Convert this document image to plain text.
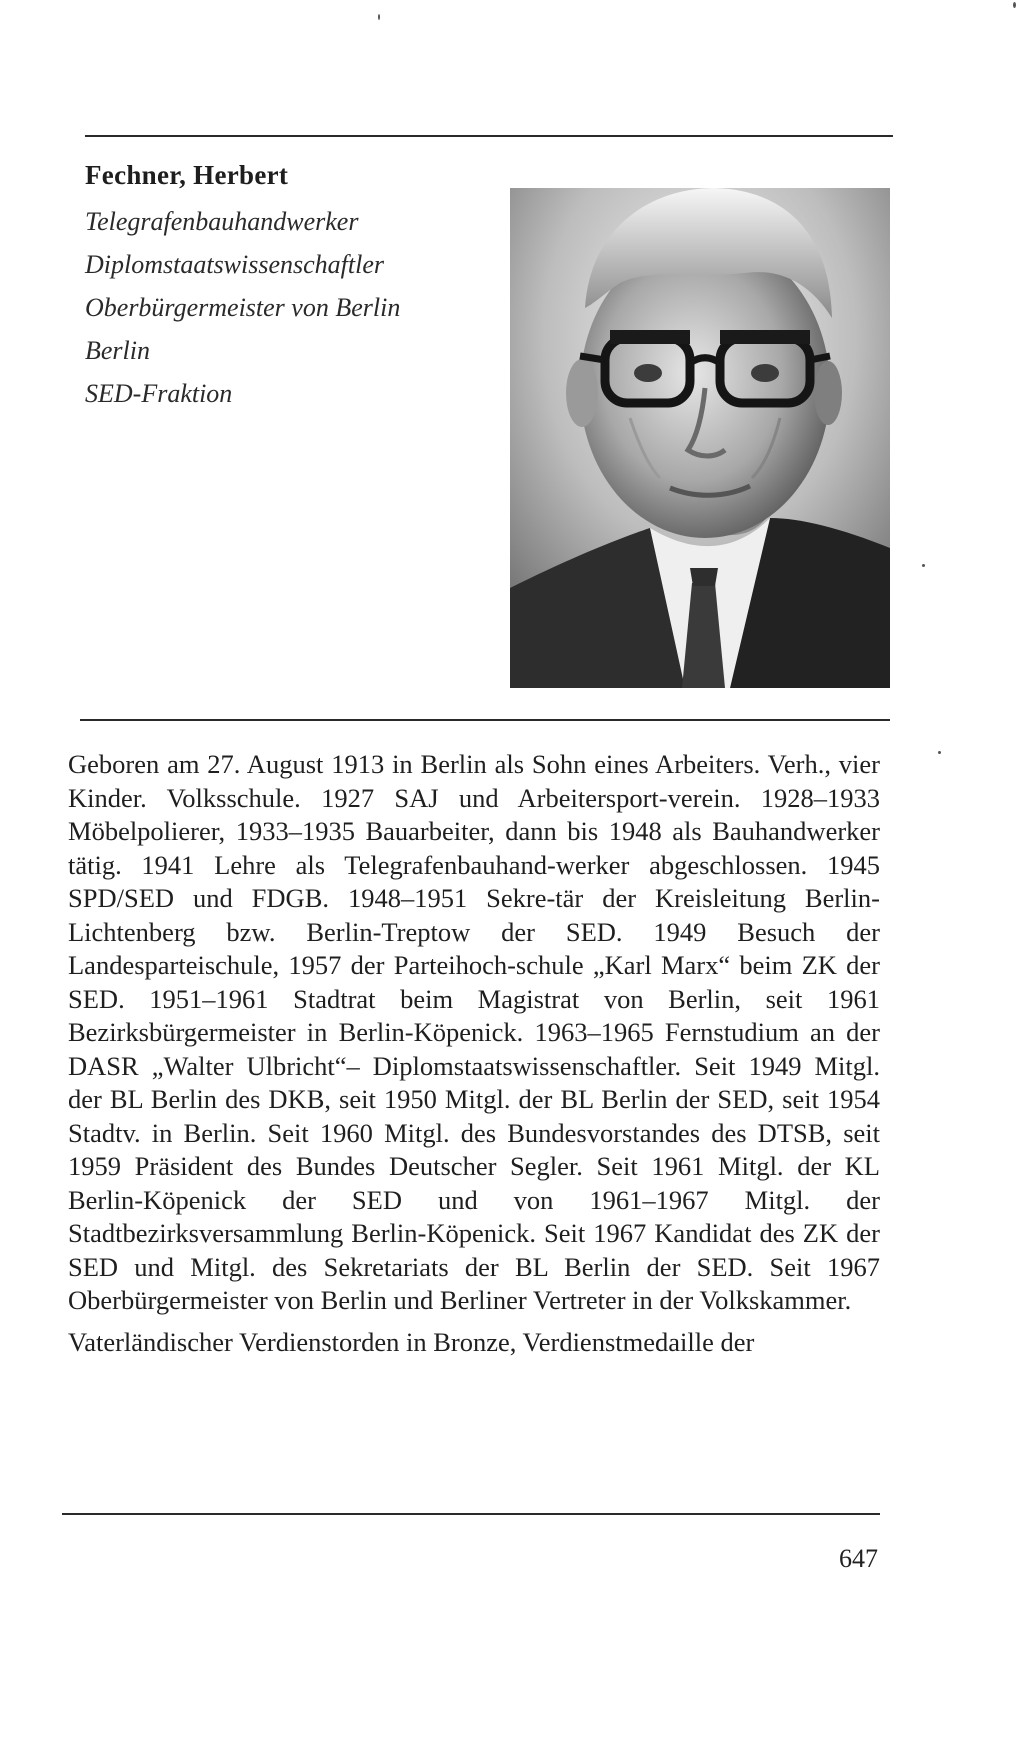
Fechner, Herbert
Telegrafenbauhandwerker
Diplomstaatswissenschaftler
Oberbürgermeister von Berlin
Berlin
SED-Fraktion

Geboren am 27. August 1913 in Berlin als Sohn eines Arbeiters. Verh., vier Kinder. Volksschule. 1927 SAJ und Arbeitersport-verein. 1928–1933 Möbelpolierer, 1933–1935 Bauarbeiter, dann bis 1948 als Bauhandwerker tätig. 1941 Lehre als Telegrafenbauhand-werker abgeschlossen. 1945 SPD/SED und FDGB. 1948–1951 Sekre-tär der Kreisleitung Berlin-Lichtenberg bzw. Berlin-Treptow der SED. 1949 Besuch der Landesparteischule, 1957 der Parteihoch-schule „Karl Marx“ beim ZK der SED. 1951–1961 Stadtrat beim Magistrat von Berlin, seit 1961 Bezirksbürgermeister in Berlin-Köpenick. 1963–1965 Fernstudium an der DASR „Walter Ulbricht“– Diplomstaatswissenschaftler. Seit 1949 Mitgl. der BL Berlin des DKB, seit 1950 Mitgl. der BL Berlin der SED, seit 1954 Stadtv. in Berlin. Seit 1960 Mitgl. des Bundesvorstandes des DTSB, seit 1959 Präsident des Bundes Deutscher Segler. Seit 1961 Mitgl. der KL Berlin-Köpenick der SED und von 1961–1967 Mitgl. der Stadtbezirksversammlung Berlin-Köpenick. Seit 1967 Kandidat des ZK der SED und Mitgl. des Sekretariats der BL Berlin der SED. Seit 1967 Oberbürgermeister von Berlin und Berliner Vertreter in der Volkskammer.

Vaterländischer Verdienstorden in Bronze, Verdienstmedaille der

647
